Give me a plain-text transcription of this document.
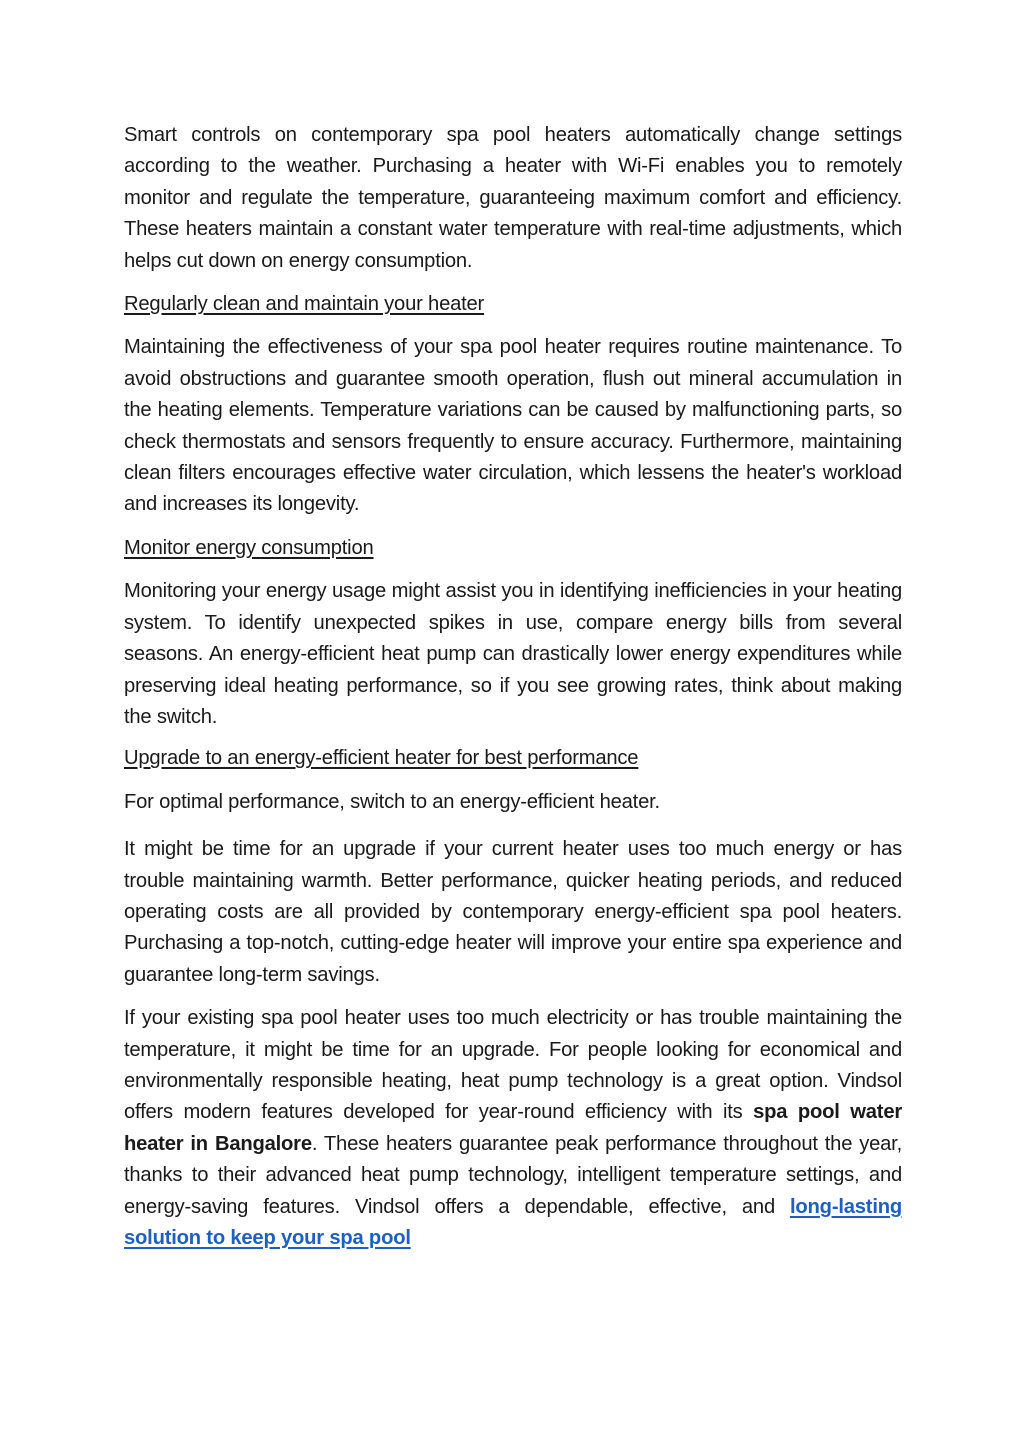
Smart controls on contemporary spa pool heaters automatically change settings according to the weather. Purchasing a heater with Wi-Fi enables you to remotely monitor and regulate the temperature, guaranteeing maximum comfort and efficiency. These heaters maintain a constant water temperature with real-time adjustments, which helps cut down on energy consumption.

Regularly clean and maintain your heater

Maintaining the effectiveness of your spa pool heater requires routine maintenance. To avoid obstructions and guarantee smooth operation, flush out mineral accumulation in the heating elements. Temperature variations can be caused by malfunctioning parts, so check thermostats and sensors frequently to ensure accuracy. Furthermore, maintaining clean filters encourages effective water circulation, which lessens the heater's workload and increases its longevity.

Monitor energy consumption

Monitoring your energy usage might assist you in identifying inefficiencies in your heating system. To identify unexpected spikes in use, compare energy bills from several seasons. An energy-efficient heat pump can drastically lower energy expenditures while preserving ideal heating performance, so if you see growing rates, think about making the switch.

Upgrade to an energy-efficient heater for best performance

For optimal performance, switch to an energy-efficient heater.

It might be time for an upgrade if your current heater uses too much energy or has trouble maintaining warmth. Better performance, quicker heating periods, and reduced operating costs are all provided by contemporary energy-efficient spa pool heaters. Purchasing a top-notch, cutting-edge heater will improve your entire spa experience and guarantee long-term savings.

If your existing spa pool heater uses too much electricity or has trouble maintaining the temperature, it might be time for an upgrade. For people looking for economical and environmentally responsible heating, heat pump technology is a great option. Vindsol offers modern features developed for year-round efficiency with its spa pool water heater in Bangalore. These heaters guarantee peak performance throughout the year, thanks to their advanced heat pump technology, intelligent temperature settings, and energy-saving features. Vindsol offers a dependable, effective, and long-lasting solution to keep your spa pool
